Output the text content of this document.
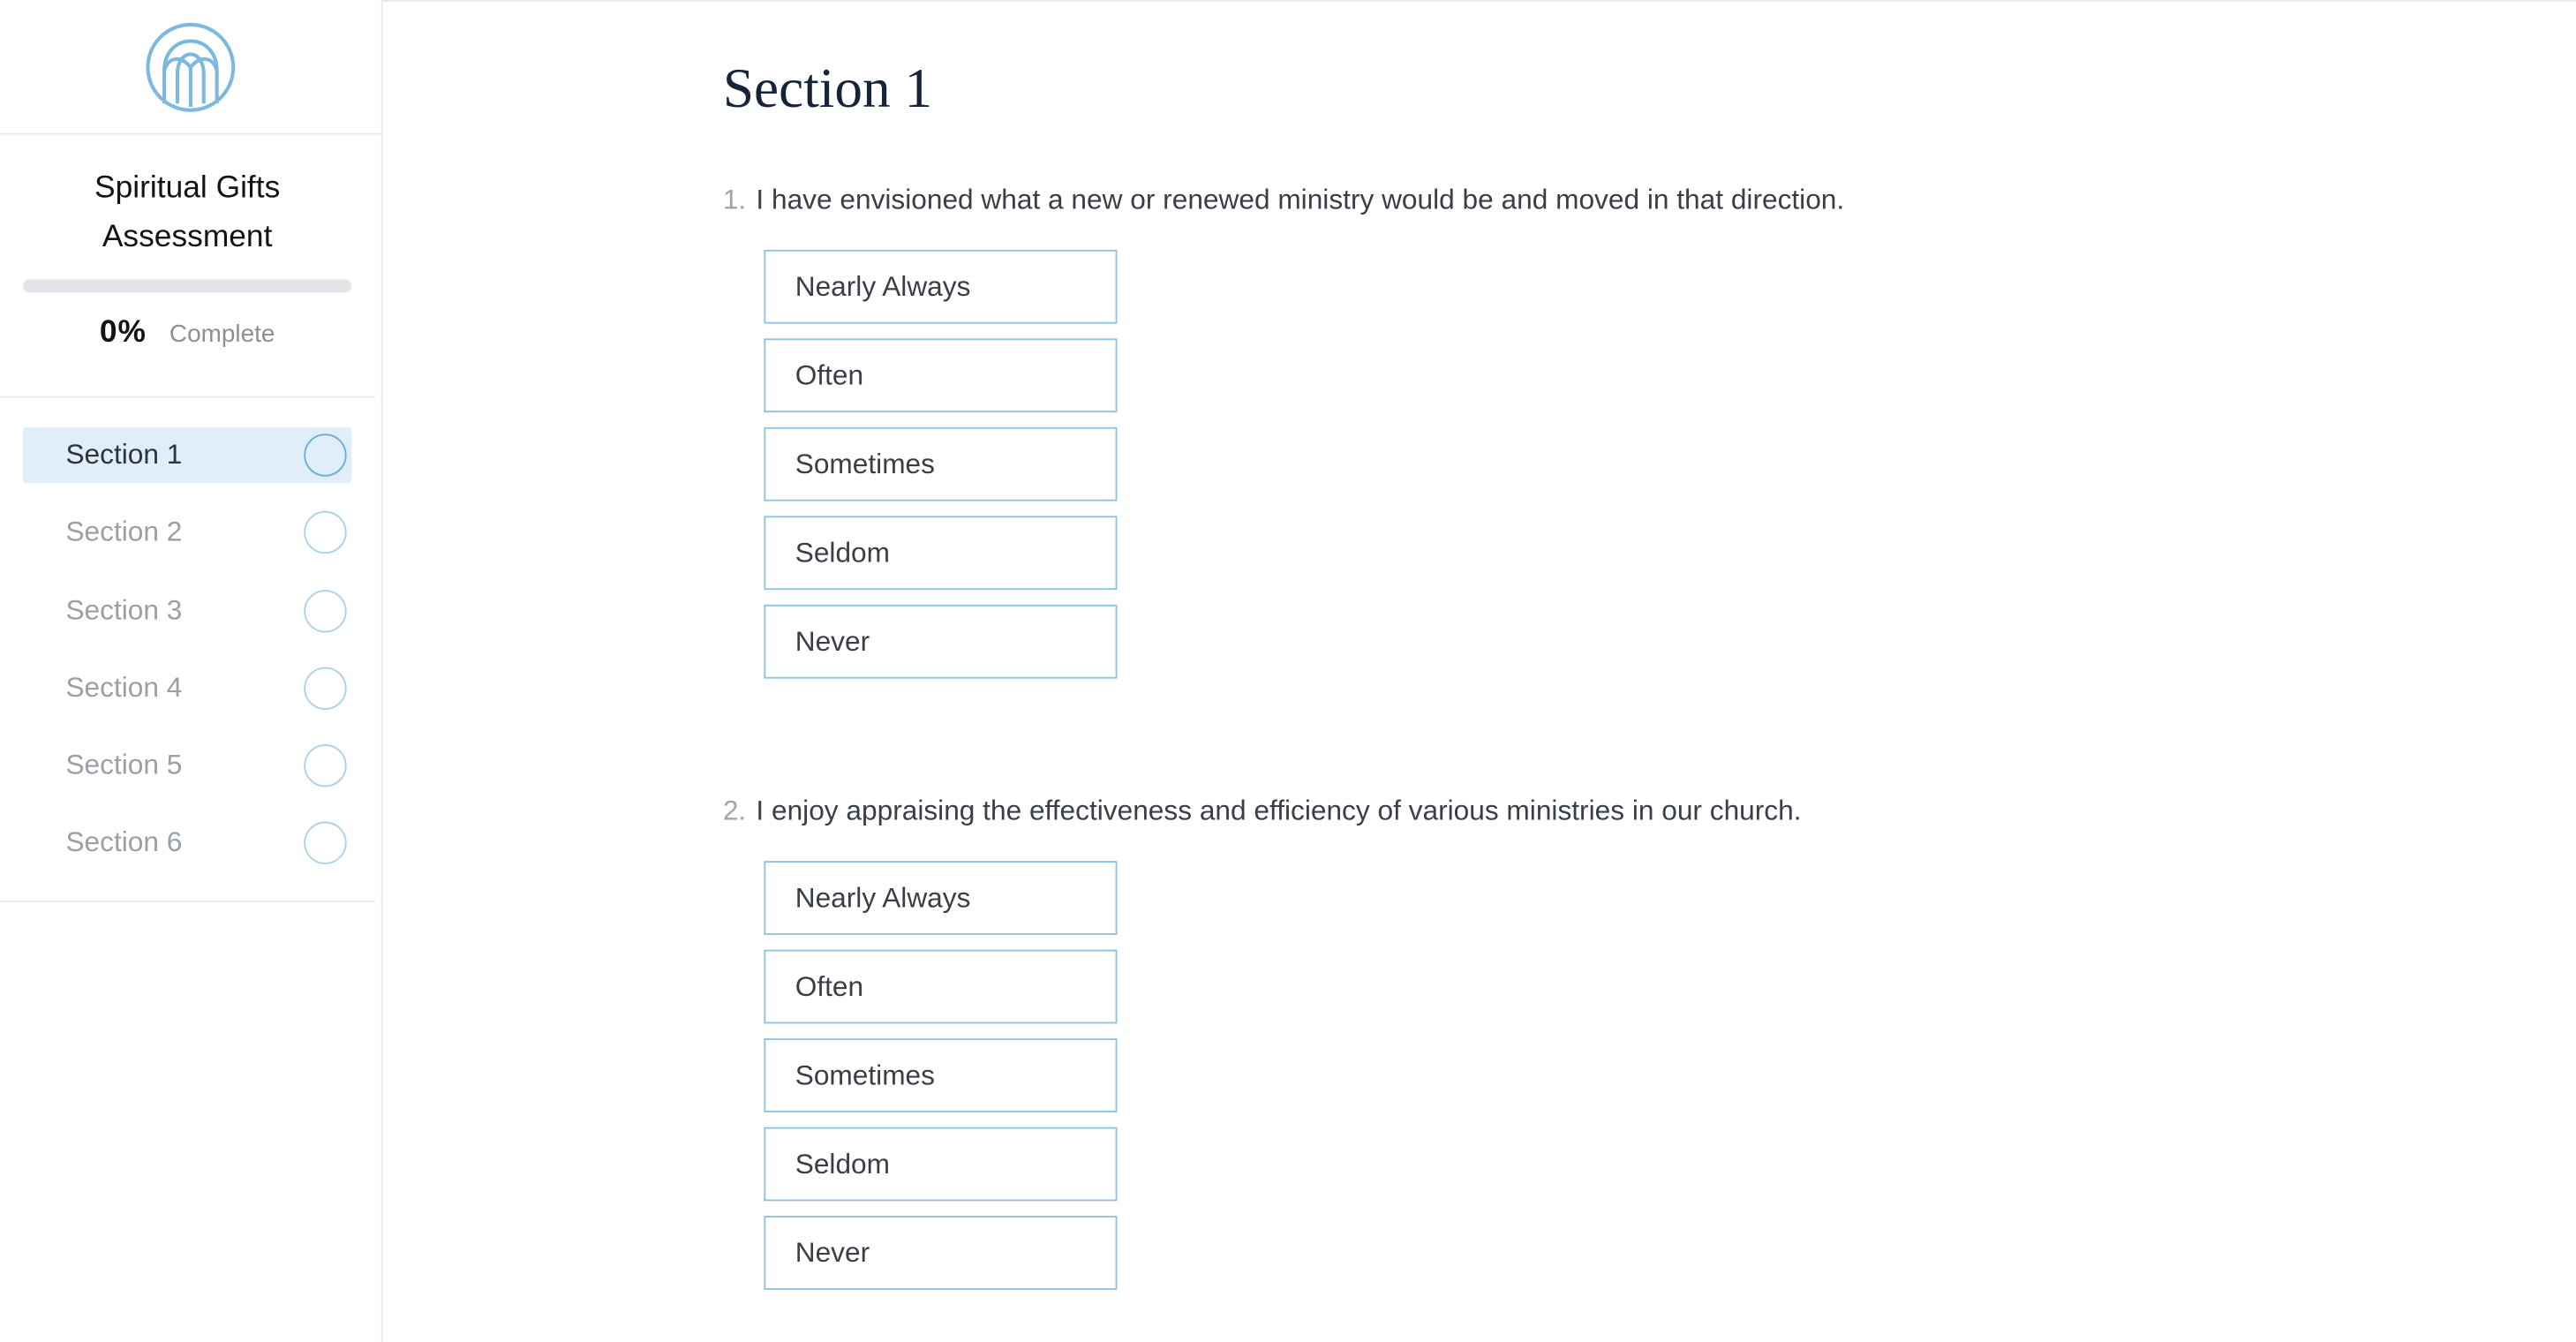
Spiritual Gifts
Assessment
0% Complete
Section 1
Section 2
Section 3
Section 4
Section 5
Section 6
Section 1
1. I have envisioned what a new or renewed ministry would be and moved in that direction.
Nearly Always
Often
Sometimes
Seldom
Never
2. I enjoy appraising the effectiveness and efficiency of various ministries in our church.
Nearly Always
Often
Sometimes
Seldom
Never
